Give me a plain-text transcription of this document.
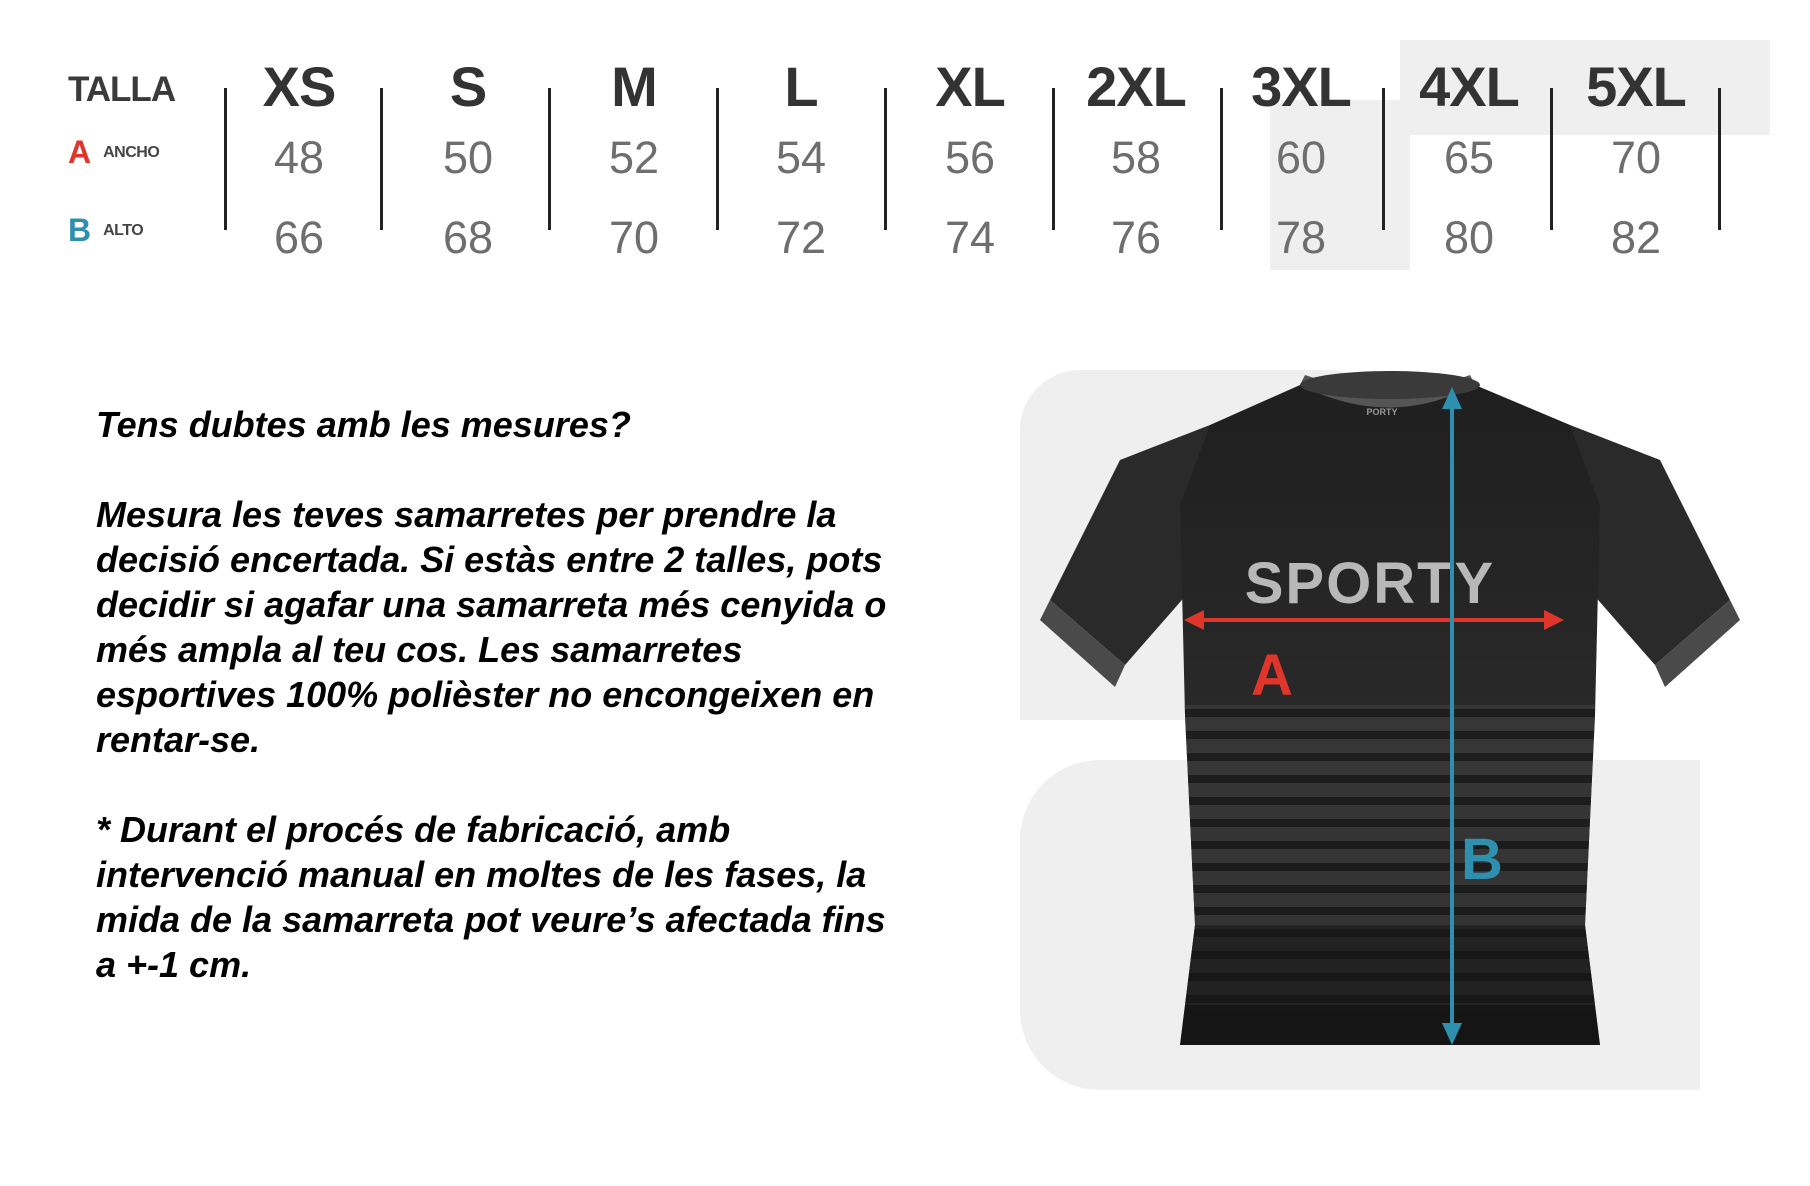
TALLA
A ANCHO
B ALTO
XS
48
66
S
50
68
M
52
70
L
54
72
XL
56
74
2XL
58
76
3XL
60
78
4XL
65
80
5XL
70
82

Tens dubtes amb les mesures?

Mesura les teves samarretes per prendre la decisió encertada. Si estàs entre 2 talles, pots decidir si agafar una samarreta més cenyida o més ampla al teu cos. Les samarretes esportives 100% polièster no encongeixen en rentar-se.

* Durant el procés de fabricació, amb intervenció manual en moltes de les fases, la mida de la samarreta pot veure’s afectada fins a +-1 cm.

SPORTY
PORTY
A
B
